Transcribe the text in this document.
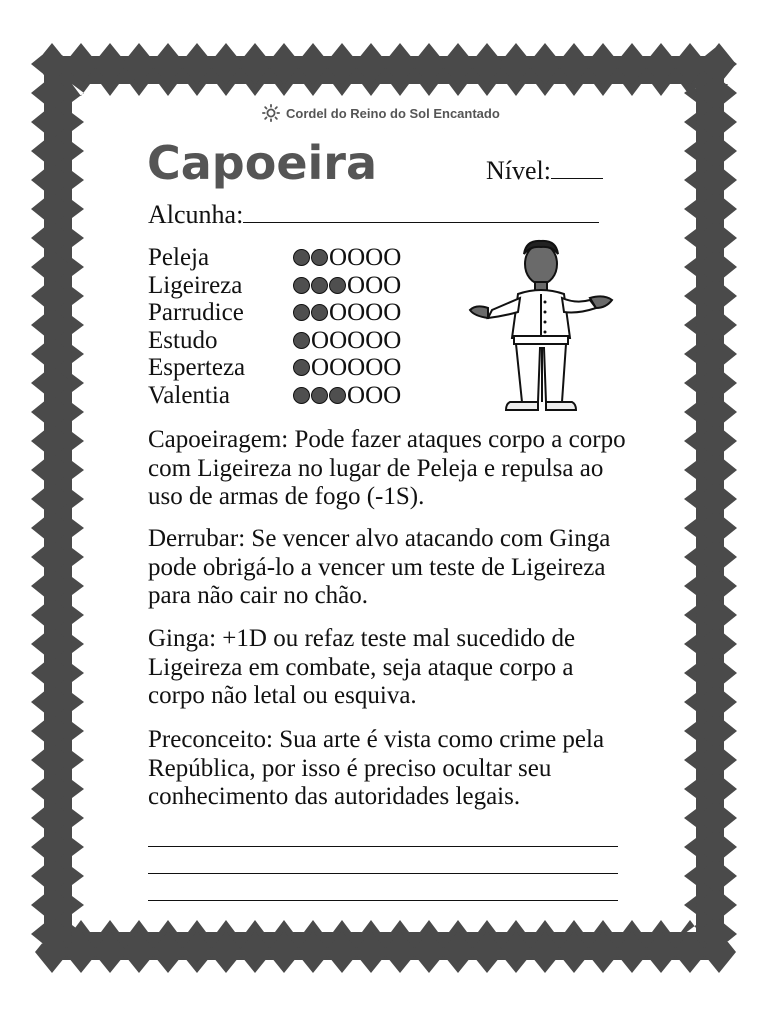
Cordel do Reino do Sol Encantado
Capoeira	Nível:
Alcunha:
Peleja	O O O O
Ligeireza	O O O
Parrudice	O O O O
Estudo	O O O O O
Esperteza	O O O O O
Valentia	O O O

Capoeiragem: Pode fazer ataques corpo a corpo com Ligeireza no lugar de Peleja e repulsa ao uso de armas de fogo (-1S).

Derrubar: Se vencer alvo atacando com Ginga pode obrigá-lo a vencer um teste de Ligeireza para não cair no chão.

Ginga: +1D ou refaz teste mal sucedido de Ligeireza em combate, seja ataque corpo a corpo não letal ou esquiva.

Preconceito: Sua arte é vista como crime pela República, por isso é preciso ocultar seu conhecimento das autoridades legais.
